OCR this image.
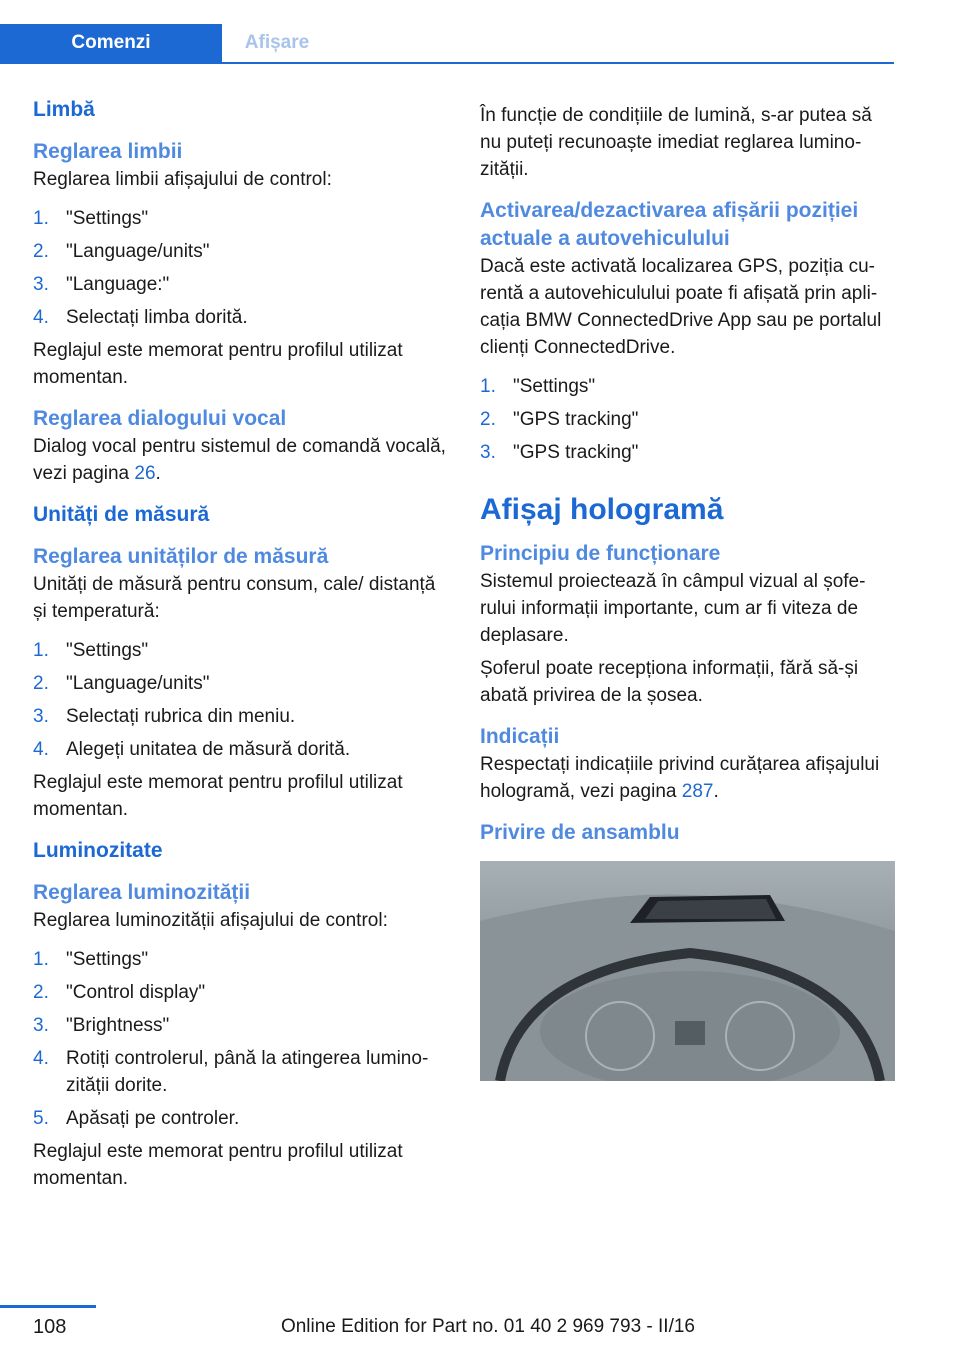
Comenzi	Afișare
Limbă
Reglarea limbii

Reglarea limbii afișajului de control:

1. "Settings"
2. "Language/units"
3. "Language:"
4. Selectați limba dorită.

Reglajul este memorat pentru profilul utilizat momentan.

Reglarea dialogului vocal

Dialog vocal pentru sistemul de comandă vocală, vezi pagina 26.

Unități de măsură
Reglarea unităților de măsură

Unități de măsură pentru consum, cale/ distanță și temperatură:

1. "Settings"
2. "Language/units"
3. Selectați rubrica din meniu.
4. Alegeți unitatea de măsură dorită.

Reglajul este memorat pentru profilul utilizat momentan.

Luminozitate
Reglarea luminozității

Reglarea luminozității afișajului de control:

1. "Settings"
2. "Control display"
3. "Brightness"
4. Rotiți controlerul, până la atingerea luminozității dorite.
5. Apăsați pe controler.

Reglajul este memorat pentru profilul utilizat momentan.

În funcție de condițiile de lumină, s-ar putea să nu puteți recunoaște imediat reglarea luminozității.

Activarea/dezactivarea afișării poziției actuale a autovehiculului

Dacă este activată localizarea GPS, poziția curentă a autovehiculului poate fi afișată prin aplicația BMW ConnectedDrive App sau pe portalul clienți ConnectedDrive.

1. "Settings"
2. "GPS tracking"
3. "GPS tracking"
Afișaj hologramă
Principiu de funcționare

Sistemul proiectează în câmpul vizual al șoferului informații importante, cum ar fi viteza de deplasare.

Șoferul poate recepționa informații, fără să-și abată privirea de la șosea.

Indicații

Respectați indicațiile privind curățarea afișajului hologramă, vezi pagina 287.

Privire de ansamblu
108	Online Edition for Part no. 01 40 2 969 793 - II/16
